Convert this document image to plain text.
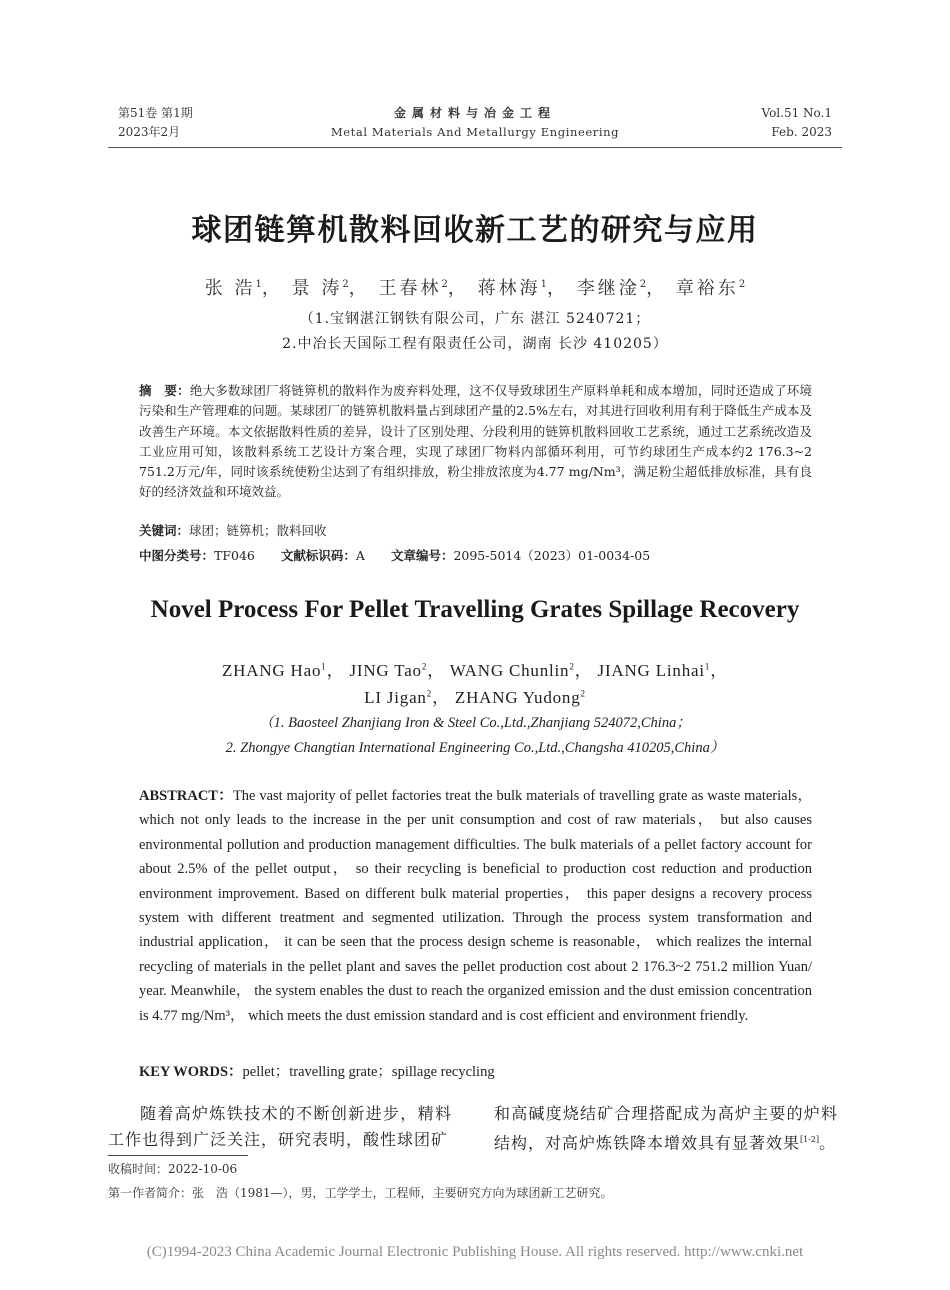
第51卷 第1期
2023年2月
金属材料与冶金工程
Metal Materials And Metallurgy Engineering
Vol.51 No.1
Feb. 2023
球团链箅机散料回收新工艺的研究与应用
张 浩$^1$， 景 涛$^2$， 王春林$^2$， 蒋林海$^1$， 李继淦$^2$， 章裕东$^2$
（1.宝钢湛江钢铁有限公司，广东 湛江 5240721；
2.中冶长天国际工程有限责任公司，湖南 长沙 410205）
摘　要：绝大多数球团厂将链箅机的散料作为废弃料处理，这不仅导致球团生产原料单耗和成本增加，同时还造成了环境污染和生产管理难的问题。某球团厂的链箅机散料量占到球团产量的2.5%左右，对其进行回收利用有利于降低生产成本及改善生产环境。本文依据散料性质的差异，设计了区别处理、分段利用的链箅机散料回收工艺系统，通过工艺系统改造及工业应用可知，该散料系统工艺设计方案合理，实现了球团厂物料内部循环利用，可节约球团生产成本约2 176.3~2 751.2万元/年，同时该系统使粉尘达到了有组织排放，粉尘排放浓度为4.77 mg/Nm³，满足粉尘超低排放标准，具有良好的经济效益和环境效益。
关键词：球团；链箅机；散料回收
中图分类号：TF046 文献标识码：A 文章编号：2095-5014（2023）01-0034-05
Novel Process For Pellet Travelling Grates Spillage Recovery
ZHANG Hao$^1$， JING Tao$^2$， WANG Chunlin$^2$， JIANG Linhai$^1$，
LI Jigan$^2$， ZHANG Yudong$^2$
（1. Baosteel Zhanjiang Iron & Steel Co.,Ltd.,Zhanjiang 524072,China；
2. Zhongye Changtian International Engineering Co.,Ltd.,Changsha 410205,China）
ABSTRACT：The vast majority of pellet factories treat the bulk materials of travelling grate as waste materials， which not only leads to the increase in the per unit consumption and cost of raw materials， but also causes environmental pollution and production management difficulties. The bulk materials of a pellet factory account for about 2.5% of the pellet output， so their recycling is beneficial to production cost reduction and production environment improvement. Based on different bulk material properties， this paper designs a recovery process system with different treatment and segmented utilization. Through the process system transformation and industrial application， it can be seen that the process design scheme is reasonable， which realizes the internal recycling of materials in the pellet plant and saves the pellet production cost about 2 176.3~2 751.2 million Yuan/ year. Meanwhile， the system enables the dust to reach the organized emission and the dust emission concentration is 4.77 mg/Nm³， which meets the dust emission standard and is cost efficient and environment friendly.
KEY WORDS：pellet；travelling grate；spillage recycling
随着高炉炼铁技术的不断创新进步，精料工作也得到广泛关注，研究表明，酸性球团矿
和高碱度烧结矿合理搭配成为高炉主要的炉料结构，对高炉炼铁降本增效具有显著效果[1-2]。
收稿时间：2022-10-06
第一作者简介：张　浩（1981—），男，工学学士，工程师，主要研究方向为球团新工艺研究。
(C)1994-2023 China Academic Journal Electronic Publishing House. All rights reserved. http://www.cnki.net
